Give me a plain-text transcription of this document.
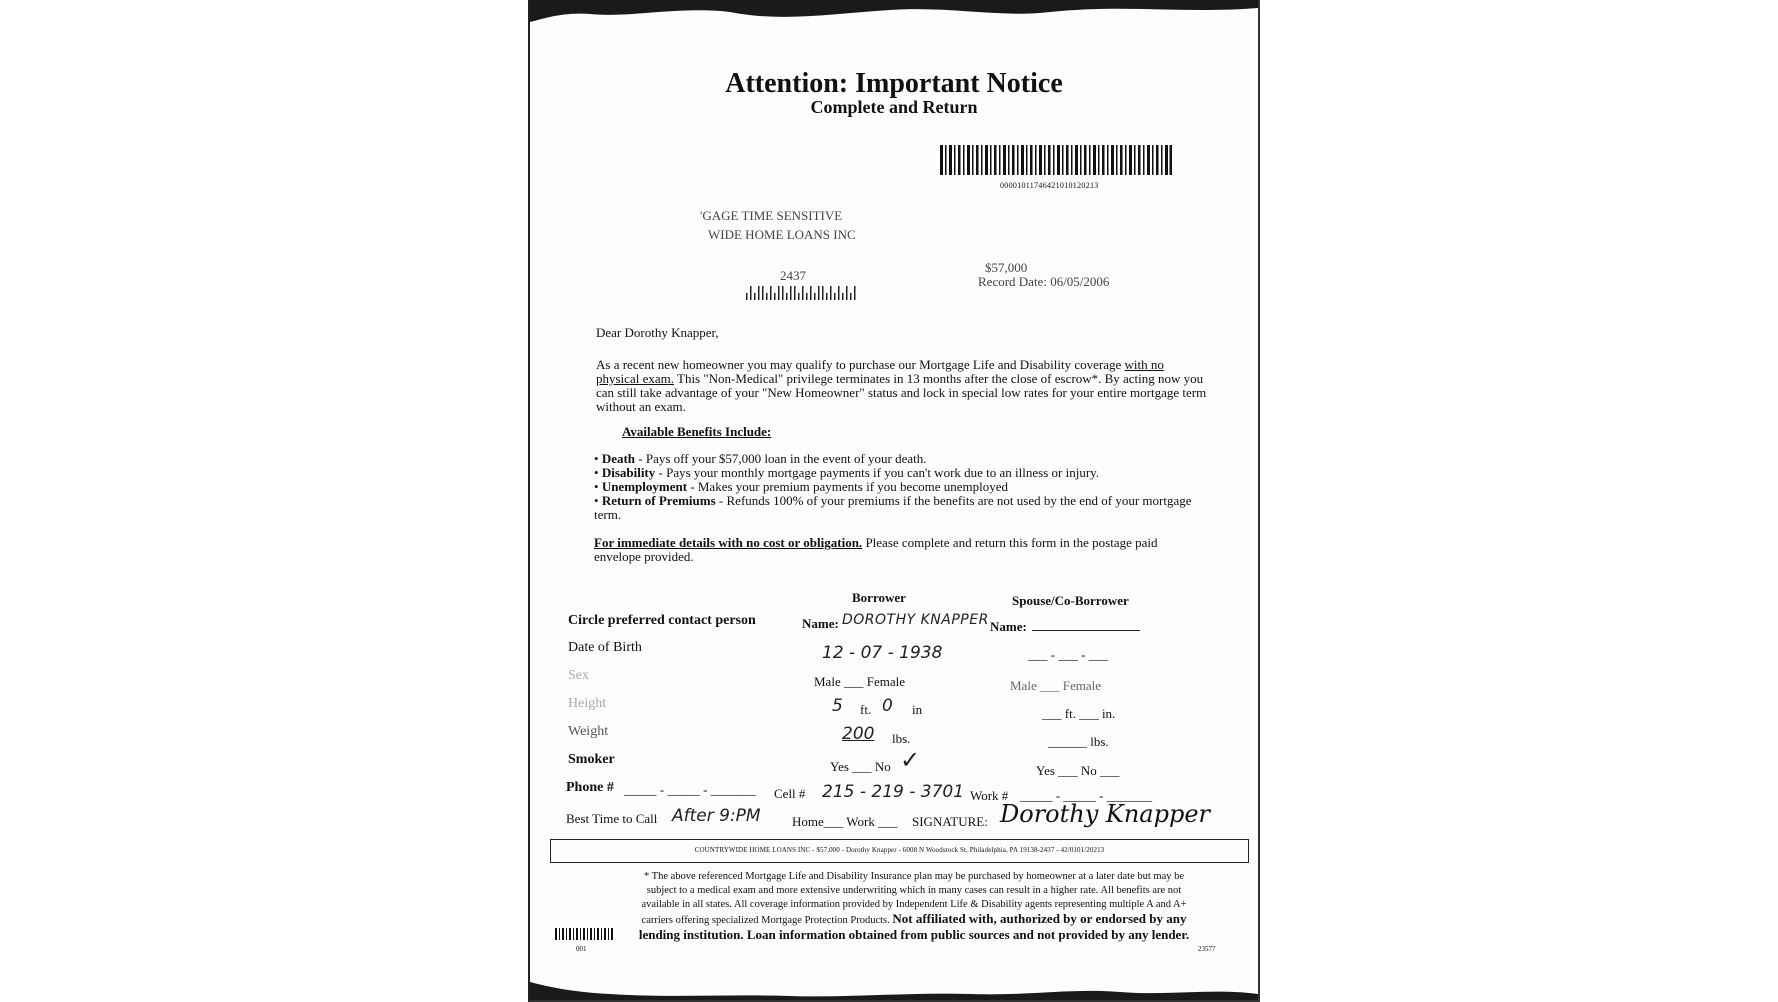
Attention: Important Notice
Complete and Return
00001011746421010120213
'GAGE TIME SENSITIVE
WIDE HOME LOANS INC
2437
$57,000
Record Date: 06/05/2006
Dear Dorothy Knapper,
As a recent new homeowner you may qualify to purchase our Mortgage Life and Disability coverage with no physical exam. This "Non-Medical" privilege terminates in 13 months after the close of escrow*. By acting now you can still take advantage of your "New Homeowner" status and lock in special low rates for your entire mortgage term without an exam.
Available Benefits Include:
• Death - Pays off your $57,000 loan in the event of your death.
• Disability - Pays your monthly mortgage payments if you can't work due to an illness or injury.
• Unemployment - Makes your premium payments if you become unemployed
• Return of Premiums - Refunds 100% of your premiums if the benefits are not used by the end of your mortgage term.
For immediate details with no cost or obligation. Please complete and return this form in the postage paid envelope provided.
Borrower	Spouse/Co-Borrower
Circle preferred contact person	Name: DOROTHY KNAPPER Name:
Date of Birth	12 - 07 - 1938	___ - ___ - ___
Sex	Male ___ Female	Male ___ Female
Height	5 ft. 0 in	___ ft. ___ in.
Weight	200 lbs.	______ lbs.
Smoker	Yes ___ No ✓	Yes ___ No ___
Phone # _____ - _____ - _______ Cell # 215 - 219 - 3701 Work # _____ - _____ - _______
Best Time to Call After 9:PM Home___ Work ___ SIGNATURE: Dorothy Knapper
COUNTRYWIDE HOME LOANS INC - $57,000 - Dorothy Knapper - 6008 N Woodstock St, Philadelphia, PA 19138-2437 - 42/0101/20213
* The above referenced Mortgage Life and Disability Insurance plan may be purchased by homeowner at a later date but may be subject to a medical exam and more extensive underwriting which in many cases can result in a higher rate. All benefits are not available in all states. All coverage information provided by Independent Life & Disability agents representing multiple A and A+ carriers offering specialized Mortgage Protection Products. Not affiliated with, authorized by or endorsed by any lending institution. Loan information obtained from public sources and not provided by any lender.
001	23577
